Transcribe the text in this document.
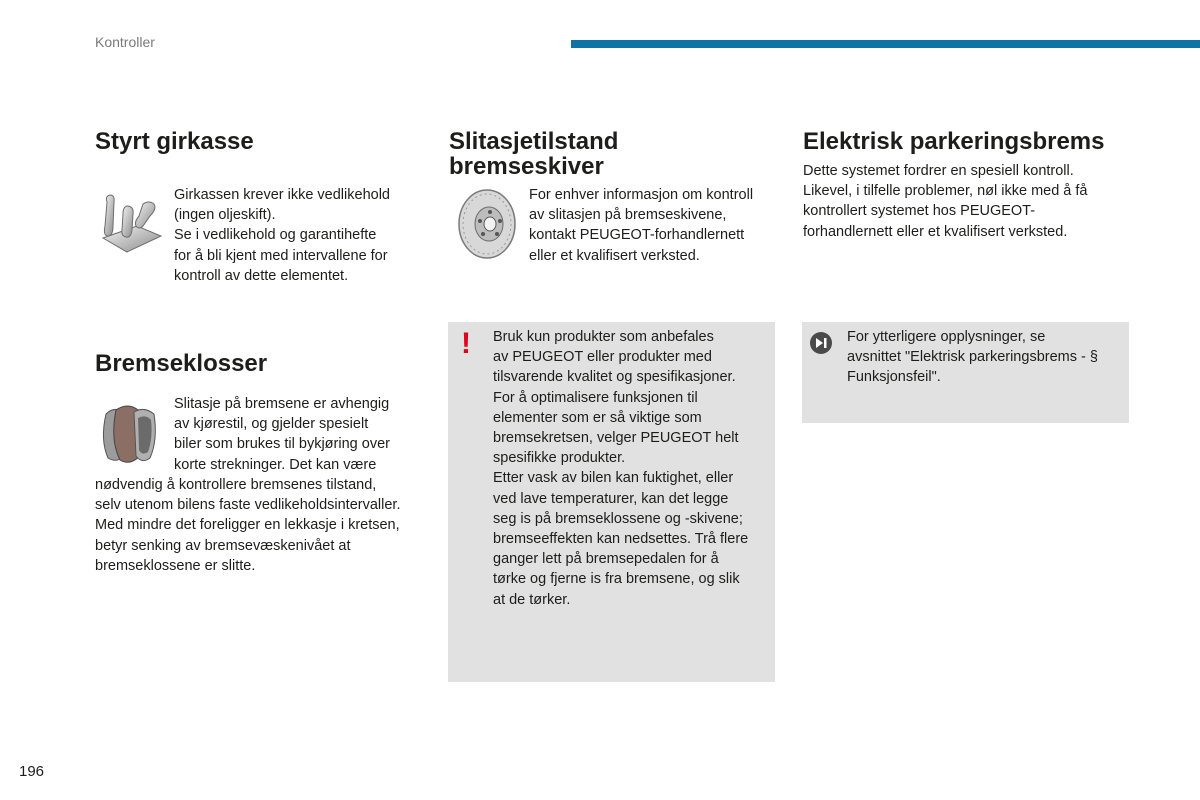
Kontroller
Styrt girkasse
Girkassen krever ikke vedlikehold
(ingen oljeskift).
Se i vedlikehold og garantihefte
for å bli kjent med intervallene for
kontroll av dette elementet.
Bremseklosser
Slitasje på bremsene er avhengig
av kjørestil, og gjelder spesielt
biler som brukes til bykjøring over
korte strekninger. Det kan være
nødvendig å kontrollere bremsenes tilstand,
selv utenom bilens faste vedlikeholdsintervaller.
Med mindre det foreligger en lekkasje i kretsen,
betyr senking av bremsevæskenivået at
bremseklossene er slitte.
Slitasjetilstand
bremseskiver
For enhver informasjon om kontroll
av slitasjen på bremseskivene,
kontakt PEUGEOT-forhandlernett
eller et kvalifisert verksted.
! Bruk kun produkter som anbefales
av PEUGEOT eller produkter med
tilsvarende kvalitet og spesifikasjoner.
For å optimalisere funksjonen til
elementer som er så viktige som
bremsekretsen, velger PEUGEOT helt
spesifikke produkter.
Etter vask av bilen kan fuktighet, eller
ved lave temperaturer, kan det legge
seg is på bremseklossene og -skivene;
bremseeffekten kan nedsettes. Trå flere
ganger lett på bremsepedalen for å
tørke og fjerne is fra bremsene, og slik
at de tørker.
Elektrisk parkeringsbrems
Dette systemet fordrer en spesiell kontroll.
Likevel, i tilfelle problemer, nøl ikke med å få
kontrollert systemet hos PEUGEOT-
forhandlernett eller et kvalifisert verksted.
For ytterligere opplysninger, se
avsnittet "Elektrisk parkeringsbrems - §
Funksjonsfeil".
196
